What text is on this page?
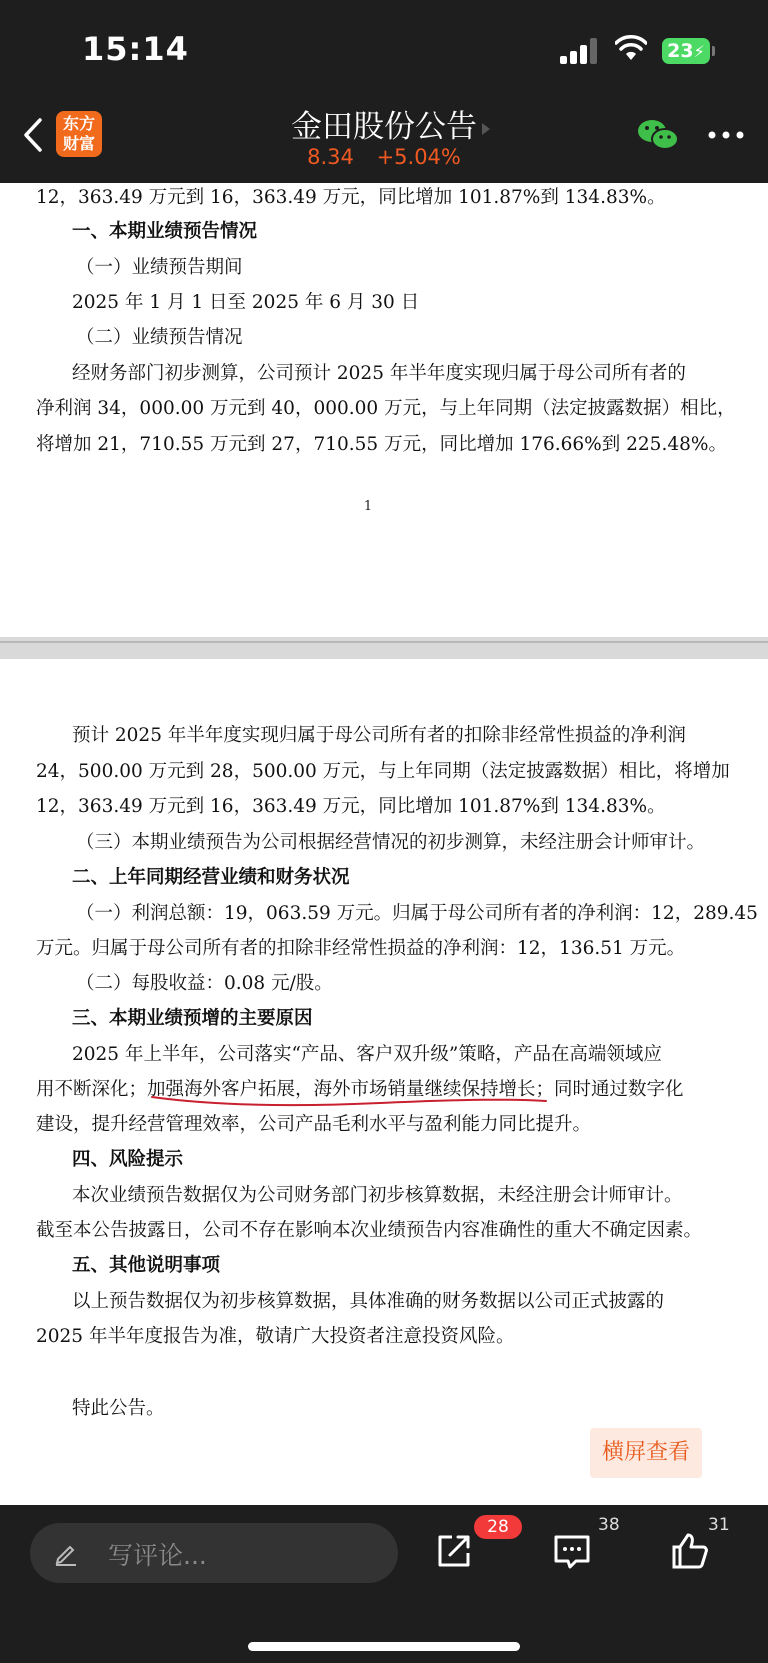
15:14	23⚡
东方
财富	金田股份公告
8.34 +5.04%
12，363.49 万元到 16，363.49 万元，同比增加 101.87%到 134.83%。
一、本期业绩预告情况
（一）业绩预告期间
2025 年 1 月 1 日至 2025 年 6 月 30 日
（二）业绩预告情况
经财务部门初步测算，公司预计 2025 年半年度实现归属于母公司所有者的
净利润 34，000.00 万元到 40，000.00 万元，与上年同期（法定披露数据）相比，
将增加 21，710.55 万元到 27，710.55 万元，同比增加 176.66%到 225.48%。
1
预计 2025 年半年度实现归属于母公司所有者的扣除非经常性损益的净利润
24，500.00 万元到 28，500.00 万元，与上年同期（法定披露数据）相比，将增加
12，363.49 万元到 16，363.49 万元，同比增加 101.87%到 134.83%。
（三）本期业绩预告为公司根据经营情况的初步测算，未经注册会计师审计。
二、上年同期经营业绩和财务状况
（一）利润总额：19，063.59 万元。归属于母公司所有者的净利润：12，289.45
万元。归属于母公司所有者的扣除非经常性损益的净利润：12，136.51 万元。
（二）每股收益：0.08 元/股。
三、本期业绩预增的主要原因
2025 年上半年，公司落实“产品、客户双升级”策略，产品在高端领域应
用不断深化；加强海外客户拓展，海外市场销量继续保持增长；同时通过数字化
建设，提升经营管理效率，公司产品毛利水平与盈利能力同比提升。
四、风险提示
本次业绩预告数据仅为公司财务部门初步核算数据，未经注册会计师审计。
截至本公告披露日，公司不存在影响本次业绩预告内容准确性的重大不确定因素。
五、其他说明事项
以上预告数据仅为初步核算数据，具体准确的财务数据以公司正式披露的
2025 年半年度报告为准，敬请广大投资者注意投资风险。
特此公告。
横屏查看
写评论...
28	38	31
